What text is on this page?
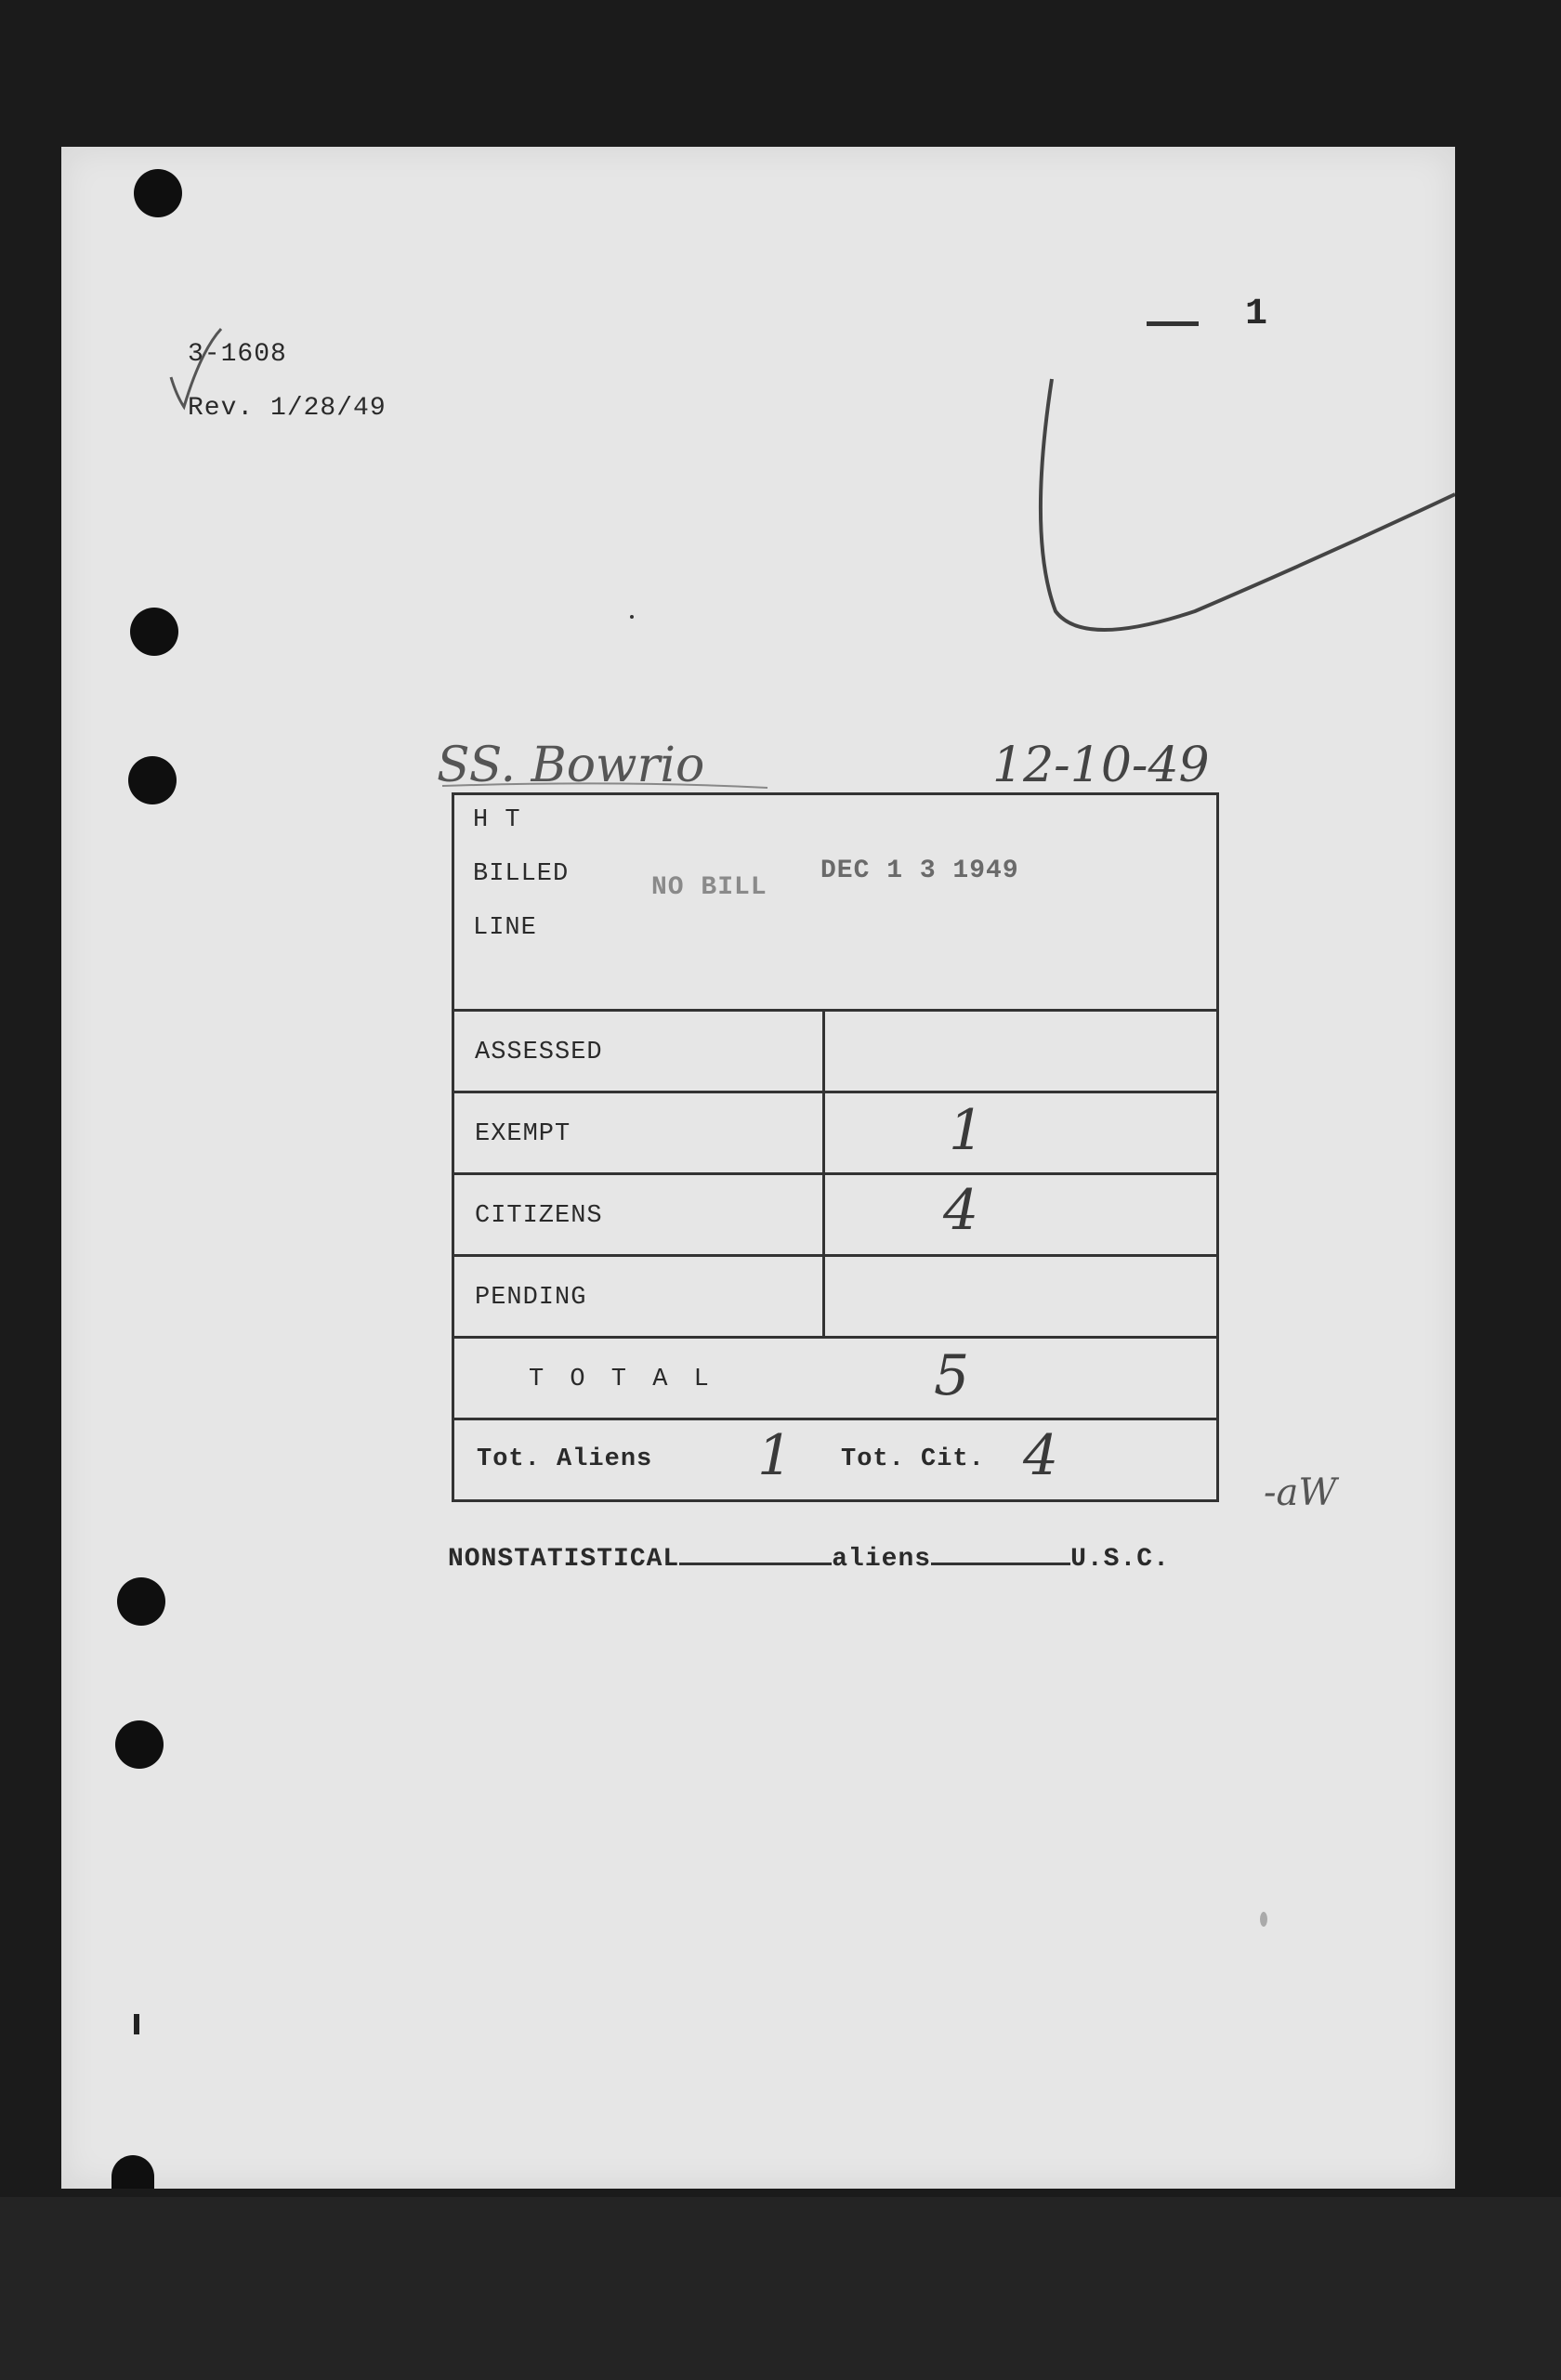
3-1608
Rev. 1/28/49
1
SS. Bowrio	12-10-49
H T
BILLED
LINE
NO BILL
DEC 1 3 1949
ASSESSED
EXEMPT	1
CITIZENS	4
PENDING
T O T A L	5
Tot. Aliens 1 Tot. Cit. 4
-aW
NONSTATISTICAL	aliens	U.S.C.
